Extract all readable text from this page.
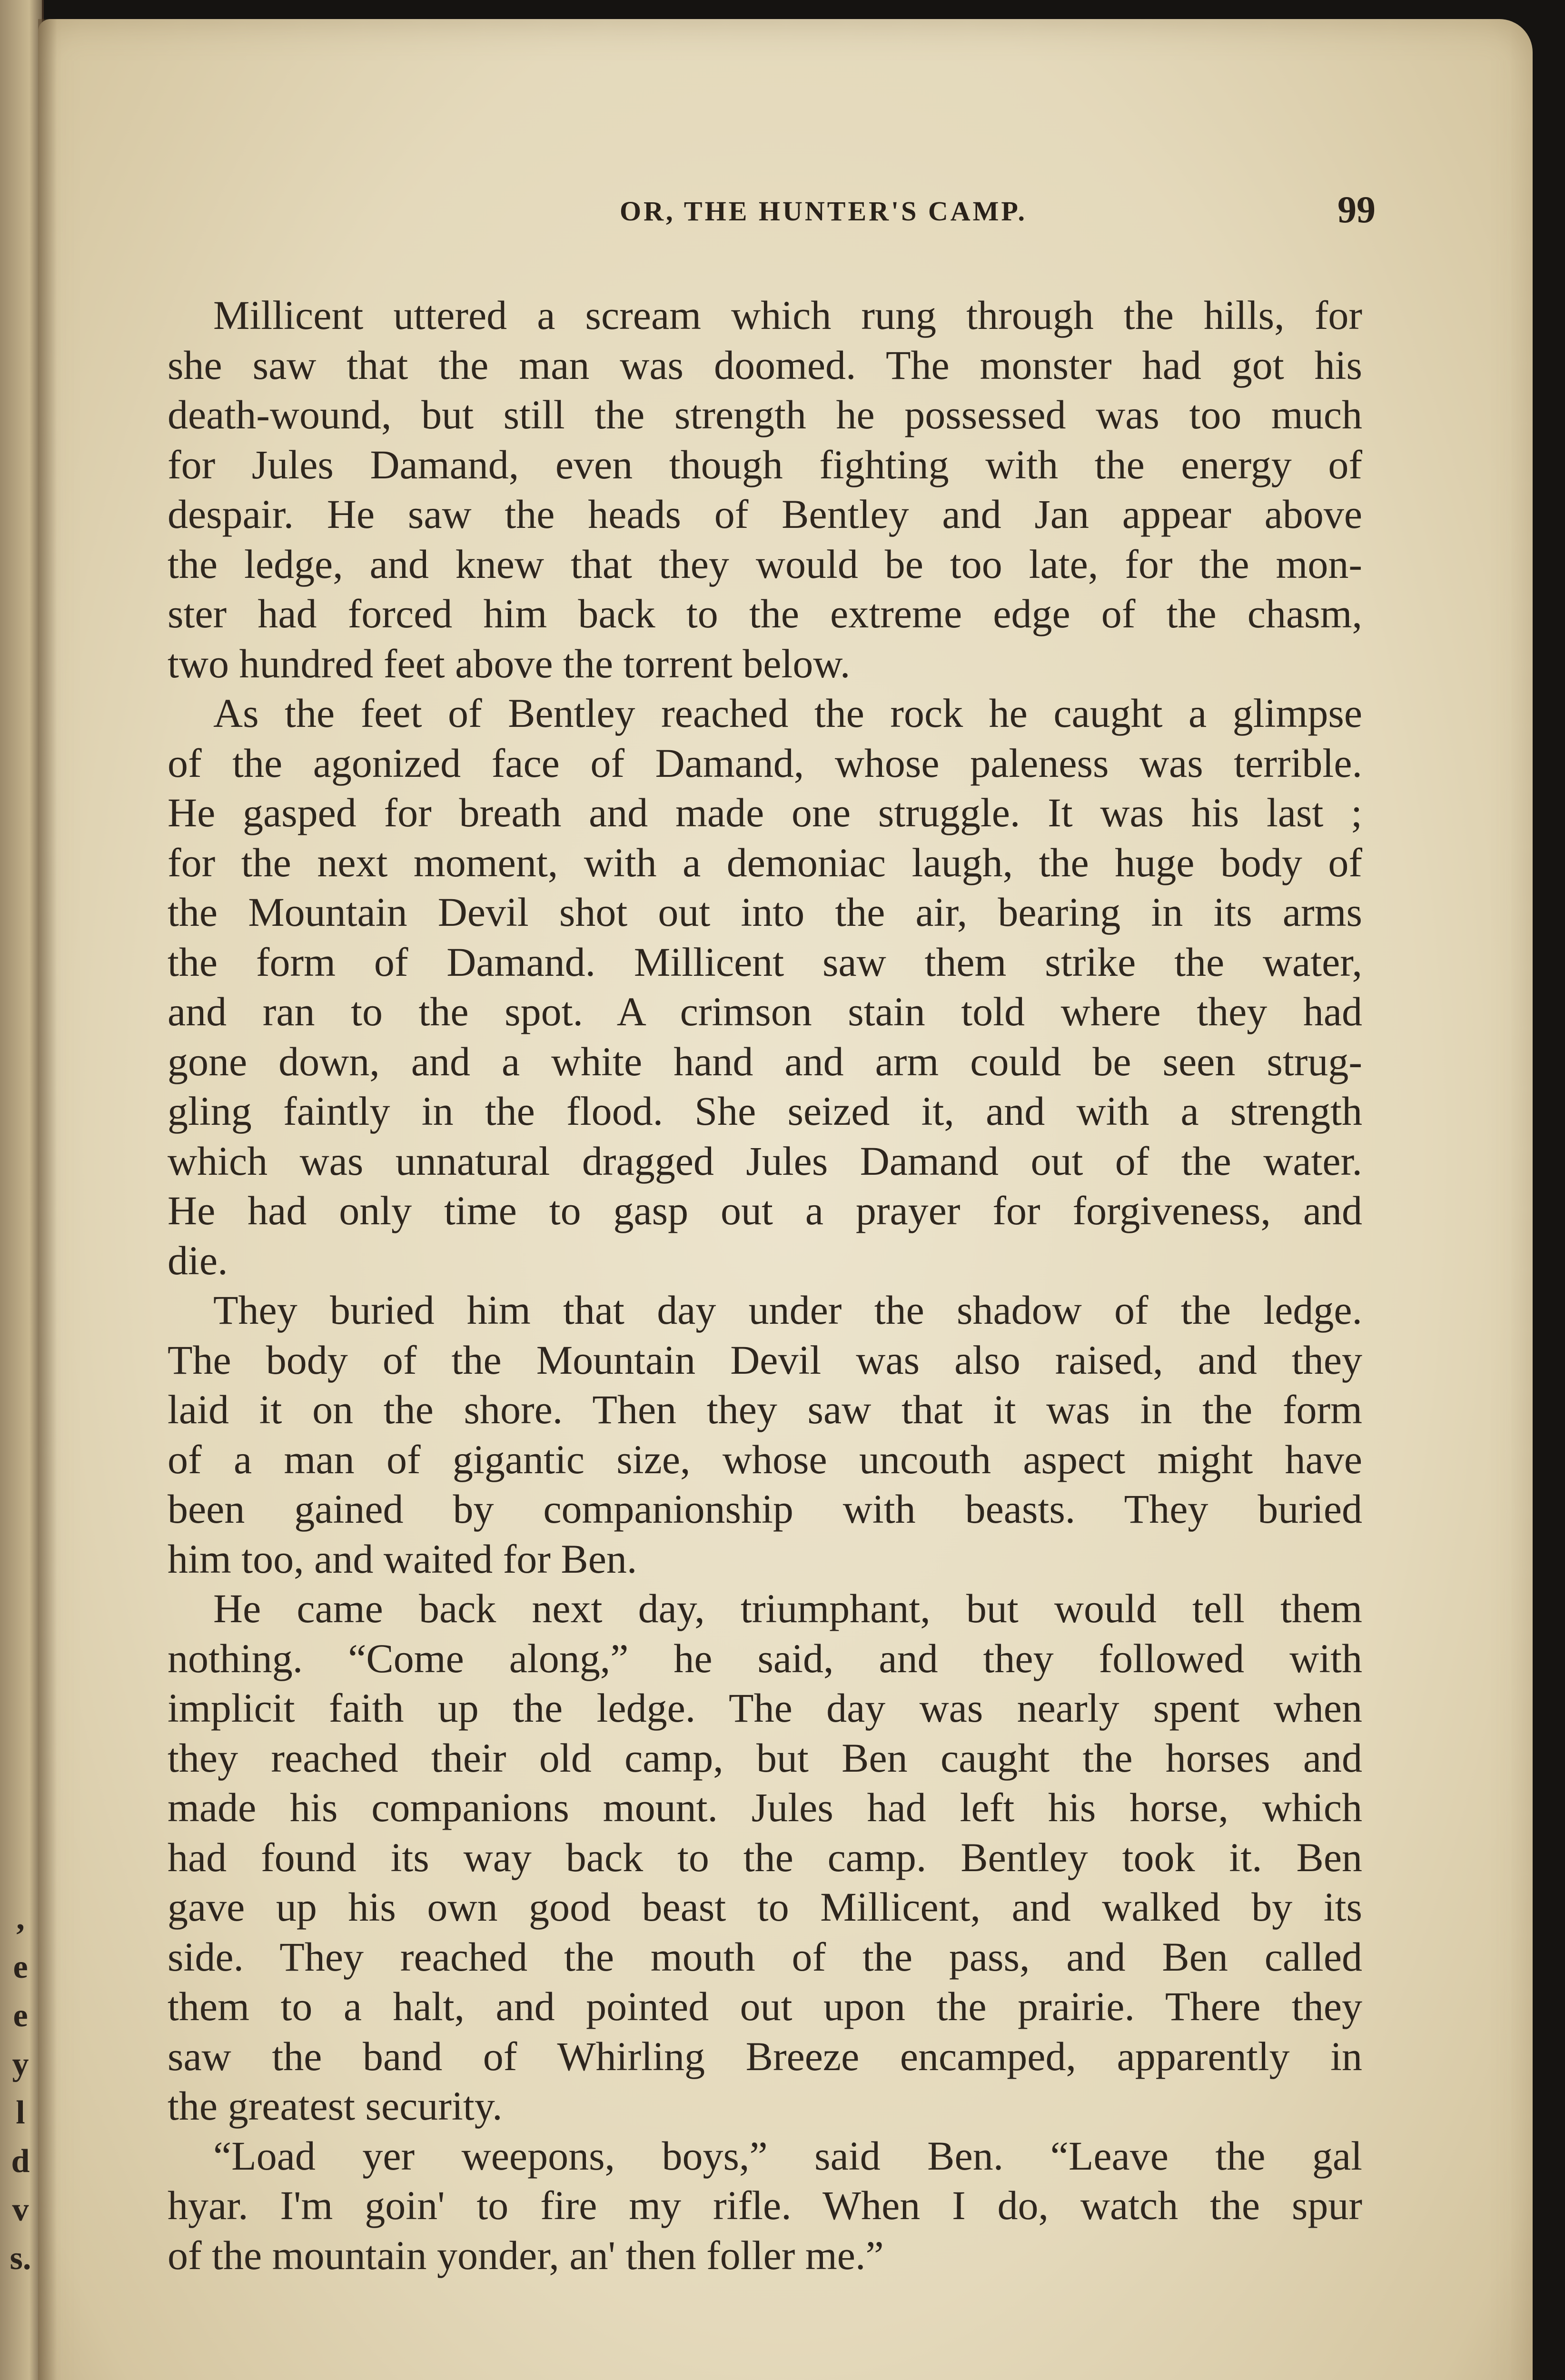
,
e
e
y
l
d
v
s.
OR, THE HUNTER'S CAMP.	99
Millicent uttered a scream which rung through the hills, for
she saw that the man was doomed. The monster had got his
death-wound, but still the strength he possessed was too much
for Jules Damand, even though fighting with the energy of
despair. He saw the heads of Bentley and Jan appear above
the ledge, and knew that they would be too late, for the mon-
ster had forced him back to the extreme edge of the chasm,
two hundred feet above the torrent below.
As the feet of Bentley reached the rock he caught a glimpse
of the agonized face of Damand, whose paleness was terrible.
He gasped for breath and made one struggle. It was his last ;
for the next moment, with a demoniac laugh, the huge body of
the Mountain Devil shot out into the air, bearing in its arms
the form of Damand. Millicent saw them strike the water,
and ran to the spot. A crimson stain told where they had
gone down, and a white hand and arm could be seen strug-
gling faintly in the flood. She seized it, and with a strength
which was unnatural dragged Jules Damand out of the water.
He had only time to gasp out a prayer for forgiveness, and
die.
They buried him that day under the shadow of the ledge.
The body of the Mountain Devil was also raised, and they
laid it on the shore. Then they saw that it was in the form
of a man of gigantic size, whose uncouth aspect might have
been gained by companionship with beasts. They buried
him too, and waited for Ben.
He came back next day, triumphant, but would tell them
nothing. “Come along,” he said, and they followed with
implicit faith up the ledge. The day was nearly spent when
they reached their old camp, but Ben caught the horses and
made his companions mount. Jules had left his horse, which
had found its way back to the camp. Bentley took it. Ben
gave up his own good beast to Millicent, and walked by its
side. They reached the mouth of the pass, and Ben called
them to a halt, and pointed out upon the prairie. There they
saw the band of Whirling Breeze encamped, apparently in
the greatest security.
“Load yer weepons, boys,” said Ben. “Leave the gal
hyar. I'm goin' to fire my rifle. When I do, watch the spur
of the mountain yonder, an' then foller me.”
